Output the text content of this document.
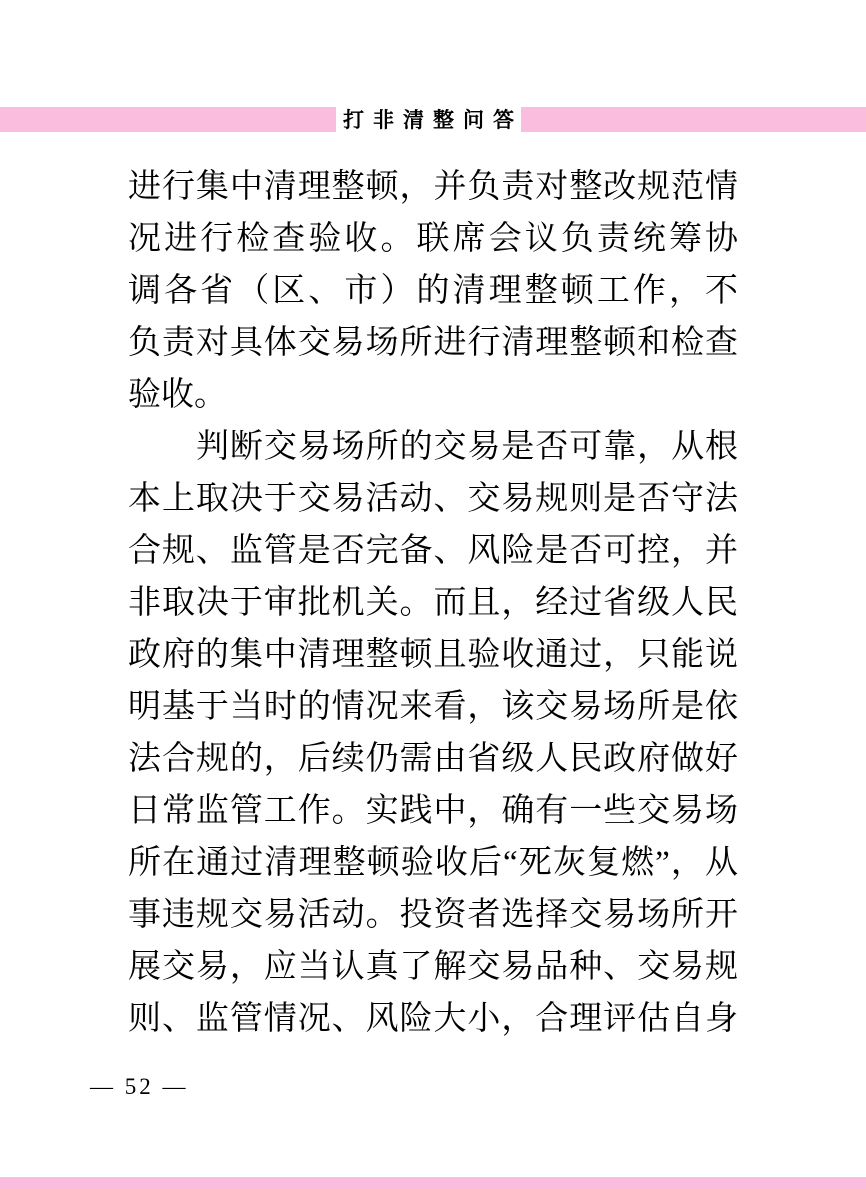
打非清整问答
进行集中清理整顿，并负责对整改规范情
况进行检查验收。联席会议负责统筹协
调各省（区、市）的清理整顿工作，不
负责对具体交易场所进行清理整顿和检查
验收。
判断交易场所的交易是否可靠，从根
本上取决于交易活动、交易规则是否守法
合规、监管是否完备、风险是否可控，并
非取决于审批机关。而且，经过省级人民
政府的集中清理整顿且验收通过，只能说
明基于当时的情况来看，该交易场所是依
法合规的，后续仍需由省级人民政府做好
日常监管工作。实践中，确有一些交易场
所在通过清理整顿验收后“死灰复燃”，从
事违规交易活动。投资者选择交易场所开
展交易，应当认真了解交易品种、交易规
则、监管情况、风险大小，合理评估自身
— 52 —
